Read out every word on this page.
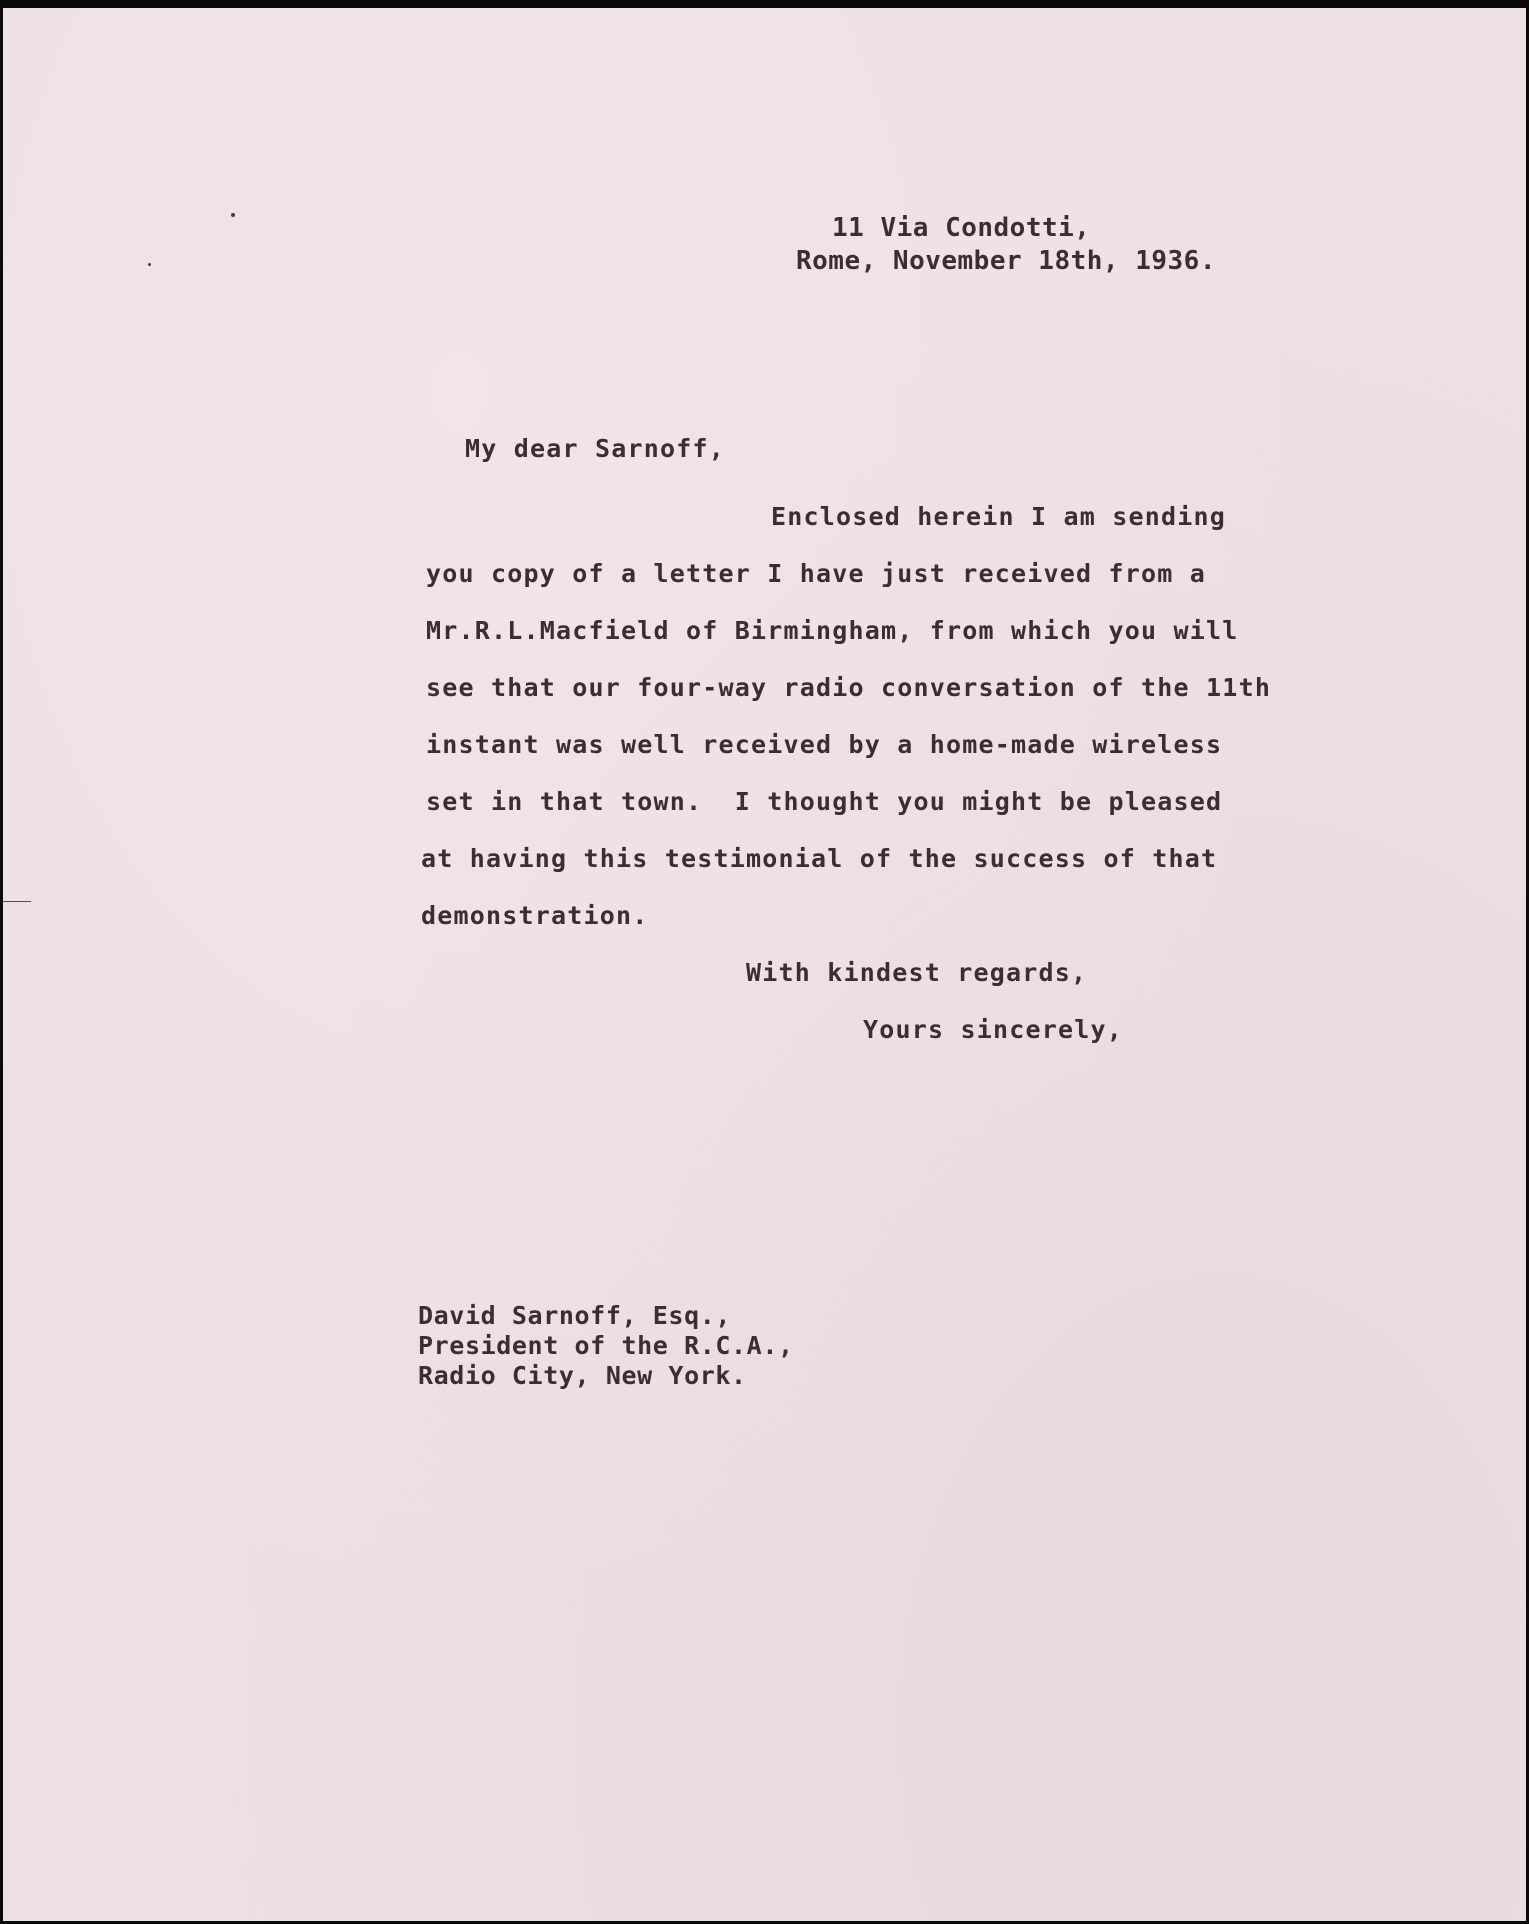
11 Via Condotti,
Rome, November 18th, 1936.
My dear Sarnoff,
Enclosed herein I am sending
you copy of a letter I have just received from a
Mr.R.L.Macfield of Birmingham, from which you will
see that our four-way radio conversation of the 11th
instant was well received by a home-made wireless
set in that town.  I thought you might be pleased
at having this testimonial of the success of that
demonstration.
With kindest regards,
Yours sincerely,
David Sarnoff, Esq.,
President of the R.C.A.,
Radio City, New York.
